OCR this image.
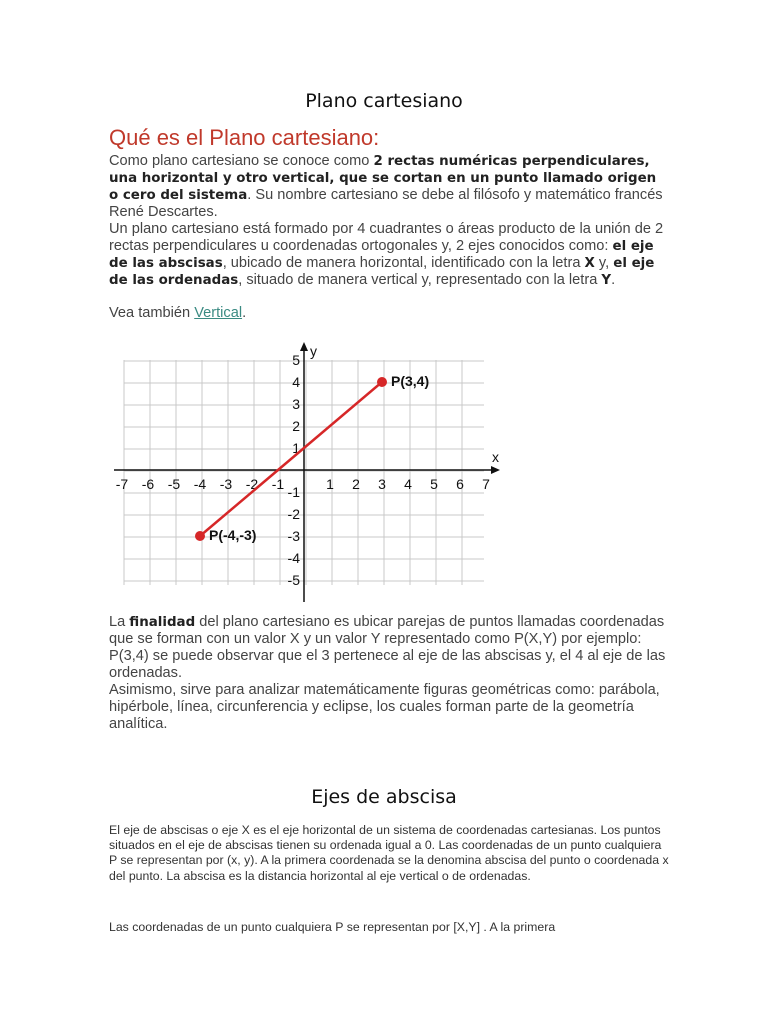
Plano cartesiano
Qué es el Plano cartesiano:

Como plano cartesiano se conoce como 2 rectas numéricas perpendiculares, una horizontal y otro vertical, que se cortan en un punto llamado origen o cero del sistema. Su nombre cartesiano se debe al filósofo y matemático francés René Descartes.

Un plano cartesiano está formado por 4 cuadrantes o áreas producto de la unión de 2 rectas perpendiculares u coordenadas ortogonales y, 2 ejes conocidos como: el eje de las abscisas, ubicado de manera horizontal, identificado con la letra X y, el eje de las ordenadas, situado de manera vertical y, representado con la letra Y.

Vea también Vertical.

x
y
-7 -6 -5 -4 -3 -2 -1	1 2 3 4 5 6 7
5
4
3
2
1
-1
-2
-3
-4
-5
P(3,4)
P(-4,-3)

La finalidad del plano cartesiano es ubicar parejas de puntos llamadas coordenadas que se forman con un valor X y un valor Y representado como P(X,Y) por ejemplo: P(3,4) se puede observar que el 3 pertenece al eje de las abscisas y, el 4 al eje de las ordenadas.

Asimismo, sirve para analizar matemáticamente figuras geométricas como: parábola, hipérbole, línea, circunferencia y eclipse, los cuales forman parte de la geometría analítica.

Ejes de abscisa

El eje de abscisas o eje X es el eje horizontal de un sistema de coordenadas cartesianas. Los puntos situados en el eje de abscisas tienen su ordenada igual a 0. Las coordenadas de un punto cualquiera P se representan por (x, y). A la primera coordenada se la denomina abscisa del punto o coordenada x del punto. La abscisa es la distancia horizontal al eje vertical o de ordenadas.

Las coordenadas de un punto cualquiera P se representan por [X,Y] . A la primera
